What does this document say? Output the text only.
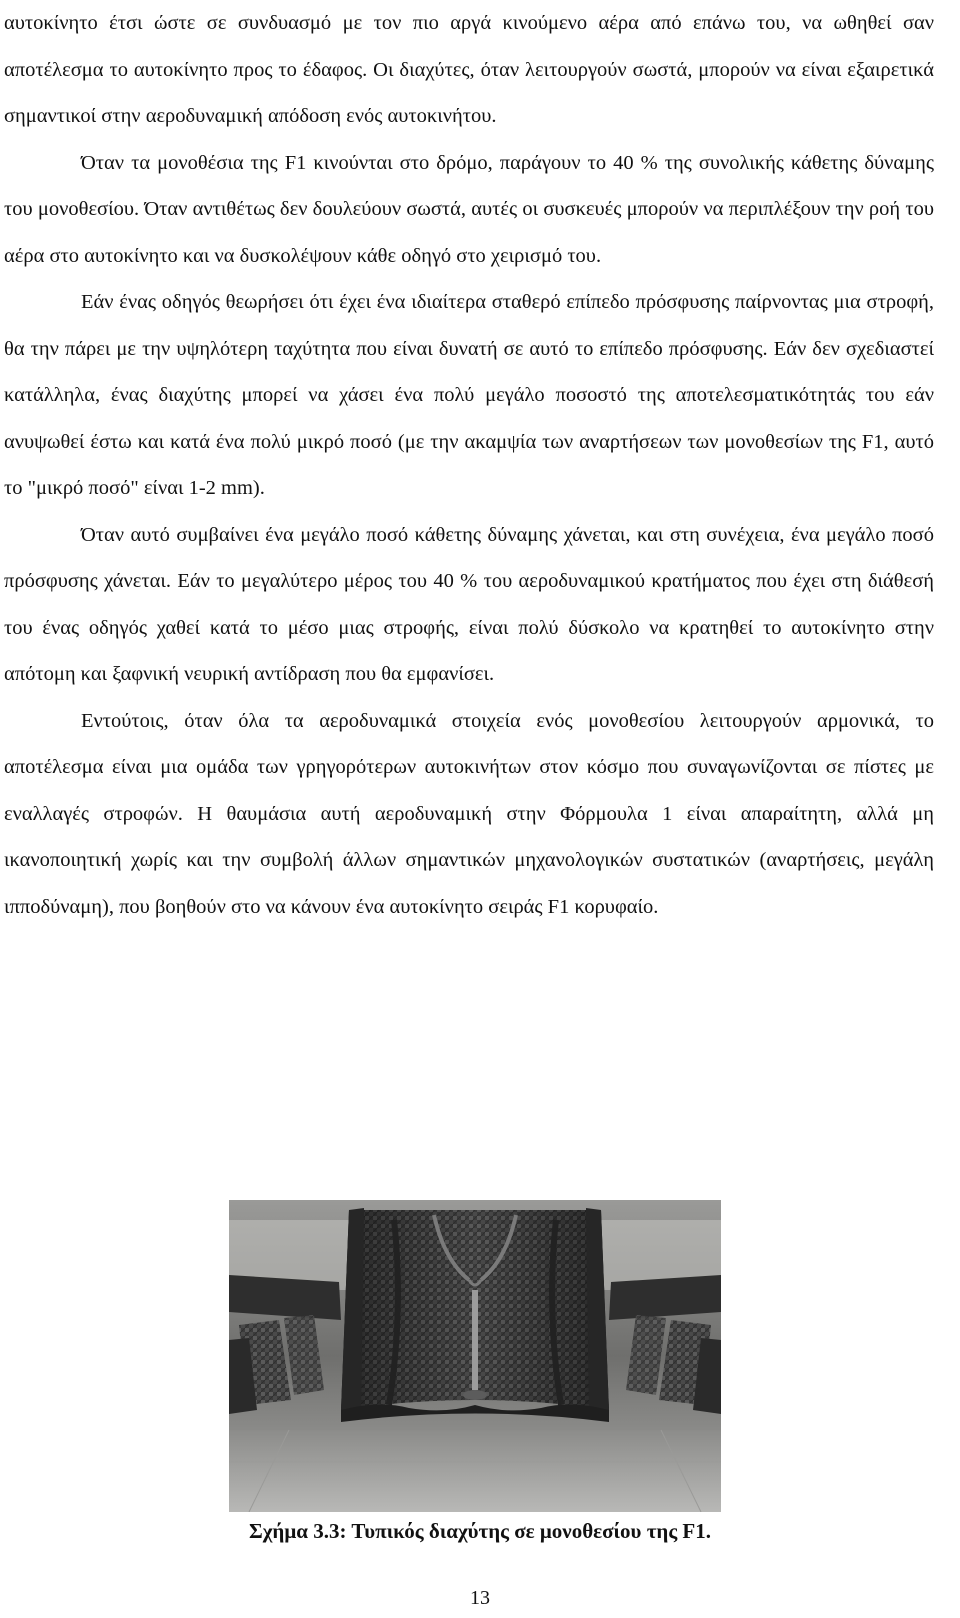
αυτοκίνητο έτσι ώστε σε συνδυασμό με τον πιο αργά κινούμενο αέρα από επάνω του, να ωθηθεί σαν αποτέλεσμα το αυτοκίνητο προς το έδαφος. Οι διαχύτες, όταν λειτουργούν σωστά, μπορούν να είναι εξαιρετικά σημαντικοί στην αεροδυναμική απόδοση ενός αυτοκινήτου.

Όταν τα μονοθέσια της F1 κινούνται στο δρόμο, παράγουν το 40 % της συνολικής κάθετης δύναμης του μονοθεσίου. Όταν αντιθέτως δεν δουλεύουν σωστά, αυτές οι συσκευές μπορούν να περιπλέξουν την ροή του αέρα στο αυτοκίνητο και να δυσκολέψουν κάθε οδηγό στο χειρισμό του.

Εάν ένας οδηγός θεωρήσει ότι έχει ένα ιδιαίτερα σταθερό επίπεδο πρόσφυσης παίρνοντας μια στροφή, θα την πάρει με την υψηλότερη ταχύτητα που είναι δυνατή σε αυτό το επίπεδο πρόσφυσης. Εάν δεν σχεδιαστεί κατάλληλα, ένας διαχύτης μπορεί να χάσει ένα πολύ μεγάλο ποσοστό της αποτελεσματικότητάς του εάν ανυψωθεί έστω και κατά ένα πολύ μικρό ποσό (με την ακαμψία των αναρτήσεων των μονοθεσίων της F1, αυτό το "μικρό ποσό" είναι 1-2 mm).

Όταν αυτό συμβαίνει ένα μεγάλο ποσό κάθετης δύναμης χάνεται, και στη συνέχεια, ένα μεγάλο ποσό πρόσφυσης χάνεται. Εάν το μεγαλύτερο μέρος του 40 % του αεροδυναμικού κρατήματος που έχει στη διάθεσή του ένας οδηγός χαθεί κατά το μέσο μιας στροφής, είναι πολύ δύσκολο να κρατηθεί το αυτοκίνητο στην απότομη και ξαφνική νευρική αντίδραση που θα εμφανίσει.

Εντούτοις, όταν όλα τα αεροδυναμικά στοιχεία ενός μονοθεσίου λειτουργούν αρμονικά, το αποτέλεσμα είναι μια ομάδα των γρηγορότερων αυτοκινήτων στον κόσμο που συναγωνίζονται σε πίστες με εναλλαγές στροφών. Η θαυμάσια αυτή αεροδυναμική στην Φόρμουλα 1 είναι απαραίτητη, αλλά μη ικανοποιητική χωρίς και την συμβολή άλλων σημαντικών μηχανολογικών συστατικών (αναρτήσεις, μεγάλη ιπποδύναμη), που βοηθούν στο να κάνουν ένα αυτοκίνητο σειράς F1 κορυφαίο.

Σχήμα 3.3: Τυπικός διαχύτης σε μονοθεσίου της F1.
13
